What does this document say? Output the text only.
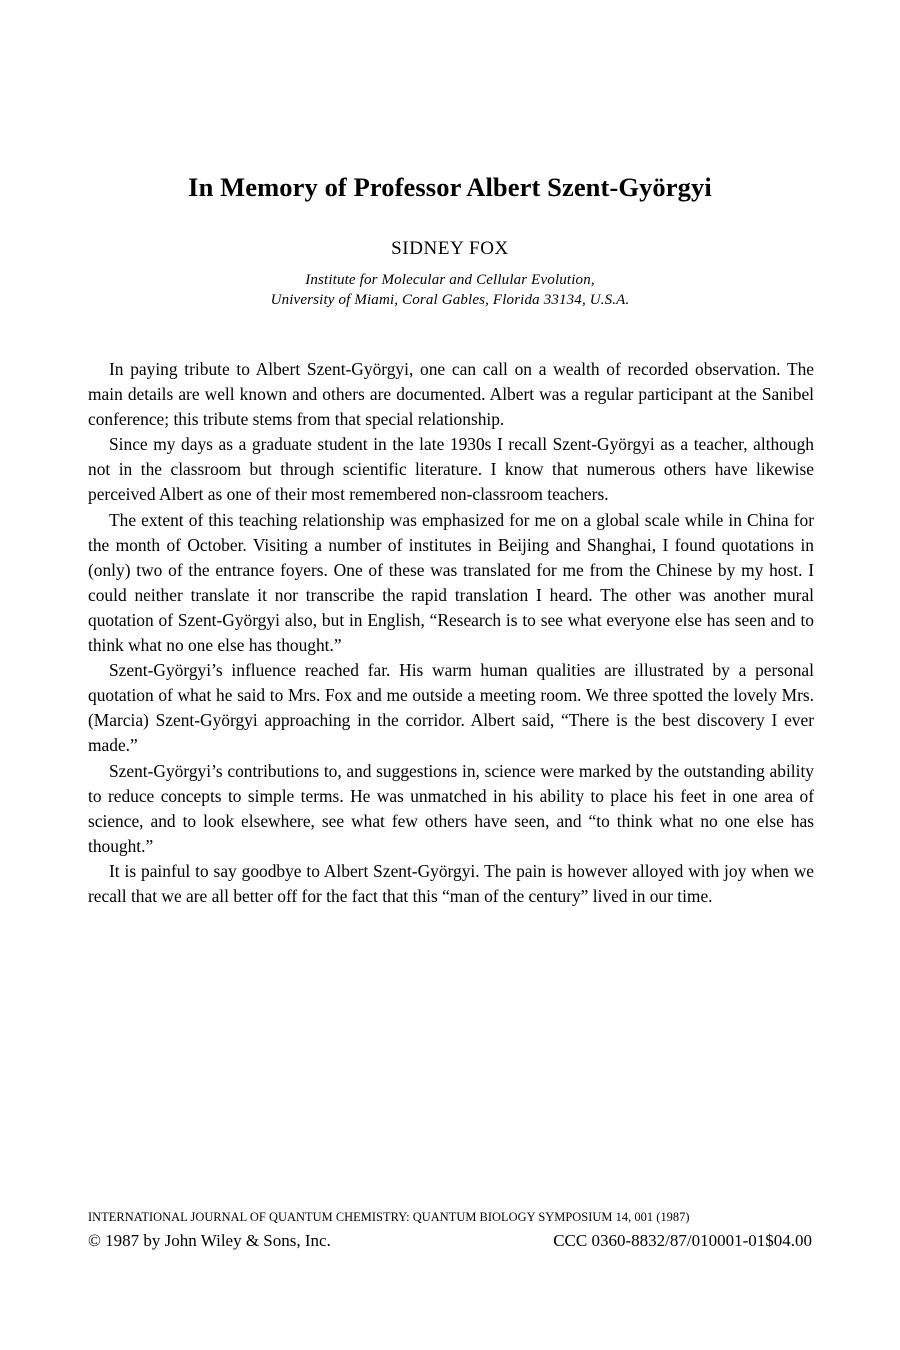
In Memory of Professor Albert Szent-Györgyi

SIDNEY FOX

Institute for Molecular and Cellular Evolution,
University of Miami, Coral Gables, Florida 33134, U.S.A.

In paying tribute to Albert Szent-Györgyi, one can call on a wealth of recorded observation. The main details are well known and others are documented. Albert was a regular participant at the Sanibel conference; this tribute stems from that special relationship.

Since my days as a graduate student in the late 1930s I recall Szent-Györgyi as a teacher, although not in the classroom but through scientific literature. I know that numerous others have likewise perceived Albert as one of their most remembered non-classroom teachers.

The extent of this teaching relationship was emphasized for me on a global scale while in China for the month of October. Visiting a number of institutes in Beijing and Shanghai, I found quotations in (only) two of the entrance foyers. One of these was translated for me from the Chinese by my host. I could neither translate it nor transcribe the rapid translation I heard. The other was another mural quotation of Szent-Györgyi also, but in English, “Research is to see what everyone else has seen and to think what no one else has thought.”

Szent-Györgyi’s influence reached far. His warm human qualities are illustrated by a personal quotation of what he said to Mrs. Fox and me outside a meeting room. We three spotted the lovely Mrs. (Marcia) Szent-Györgyi approaching in the corridor. Albert said, “There is the best discovery I ever made.”

Szent-Györgyi’s contributions to, and suggestions in, science were marked by the outstanding ability to reduce concepts to simple terms. He was unmatched in his ability to place his feet in one area of science, and to look elsewhere, see what few others have seen, and “to think what no one else has thought.”

It is painful to say goodbye to Albert Szent-Györgyi. The pain is however alloyed with joy when we recall that we are all better off for the fact that this “man of the century” lived in our time.

INTERNATIONAL JOURNAL OF QUANTUM CHEMISTRY: QUANTUM BIOLOGY SYMPOSIUM 14, 001 (1987)

© 1987 by John Wiley & Sons, Inc.	CCC 0360-8832/87/010001-01$04.00
